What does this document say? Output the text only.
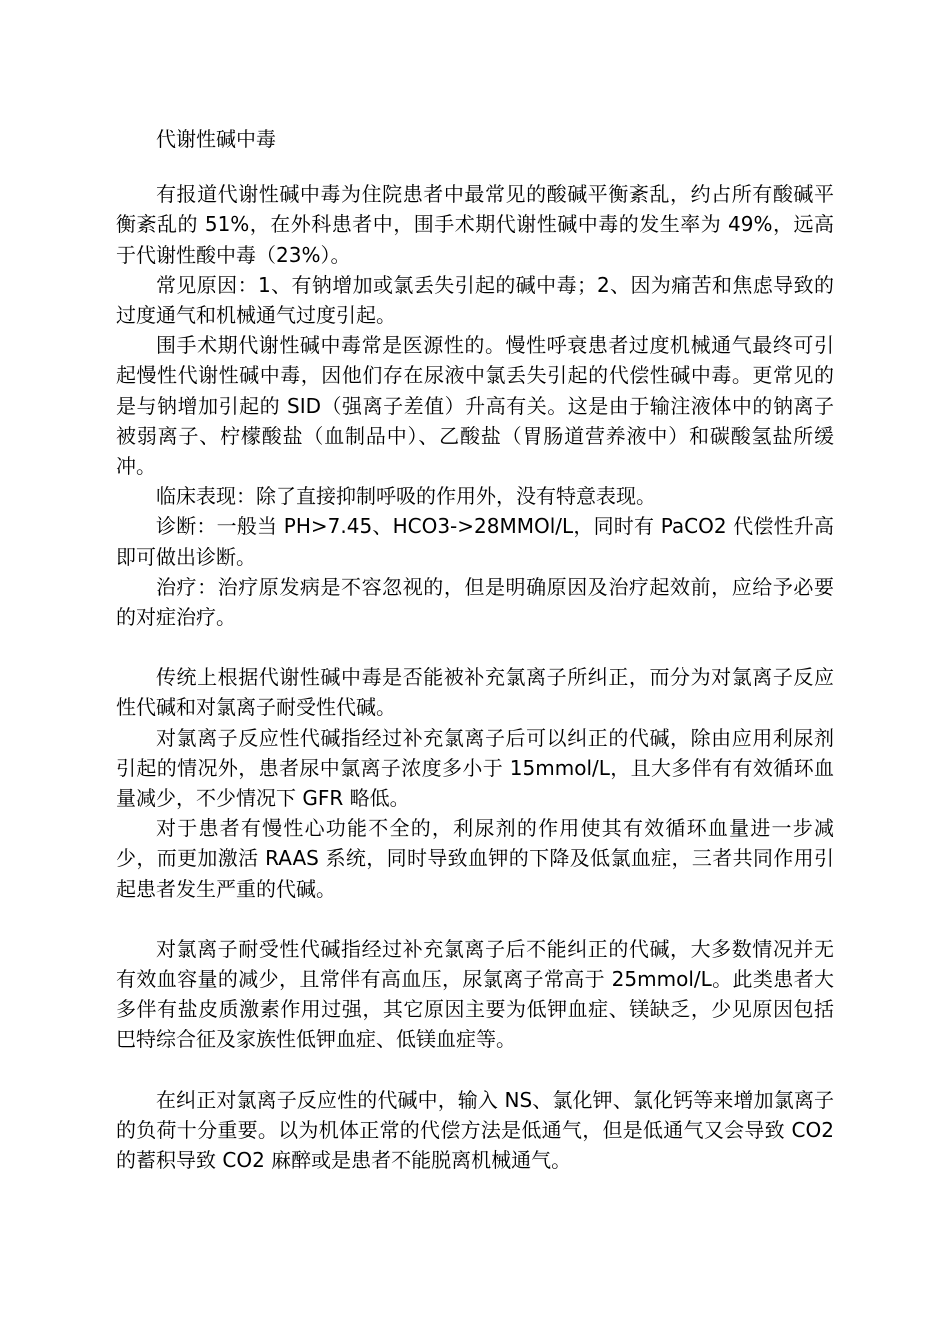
代谢性碱中毒

有报道代谢性碱中毒为住院患者中最常见的酸碱平衡紊乱，约占所有酸碱平衡紊乱的 51%，在外科患者中，围手术期代谢性碱中毒的发生率为 49%，远高于代谢性酸中毒（23%）。

常见原因：1、有钠增加或氯丢失引起的碱中毒；2、因为痛苦和焦虑导致的过度通气和机械通气过度引起。

围手术期代谢性碱中毒常是医源性的。慢性呼衰患者过度机械通气最终可引起慢性代谢性碱中毒，因他们存在尿液中氯丢失引起的代偿性碱中毒。更常见的是与钠增加引起的 SID（强离子差值）升高有关。这是由于输注液体中的钠离子被弱离子、柠檬酸盐（血制品中）、乙酸盐（胃肠道营养液中）和碳酸氢盐所缓冲。

临床表现：除了直接抑制呼吸的作用外，没有特意表现。

诊断：一般当 PH>7.45、HCO3->28MMOl/L，同时有 PaCO2 代偿性升高即可做出诊断。

治疗：治疗原发病是不容忽视的，但是明确原因及治疗起效前，应给予必要的对症治疗。

传统上根据代谢性碱中毒是否能被补充氯离子所纠正，而分为对氯离子反应性代碱和对氯离子耐受性代碱。

对氯离子反应性代碱指经过补充氯离子后可以纠正的代碱，除由应用利尿剂引起的情况外，患者尿中氯离子浓度多小于 15mmol/L，且大多伴有有效循环血量减少，不少情况下 GFR 略低。

对于患者有慢性心功能不全的，利尿剂的作用使其有效循环血量进一步减少，而更加激活 RAAS 系统，同时导致血钾的下降及低氯血症，三者共同作用引起患者发生严重的代碱。

对氯离子耐受性代碱指经过补充氯离子后不能纠正的代碱，大多数情况并无有效血容量的减少，且常伴有高血压，尿氯离子常高于 25mmol/L。此类患者大多伴有盐皮质激素作用过强，其它原因主要为低钾血症、镁缺乏，少见原因包括巴特综合征及家族性低钾血症、低镁血症等。

在纠正对氯离子反应性的代碱中，输入 NS、氯化钾、氯化钙等来增加氯离子的负荷十分重要。以为机体正常的代偿方法是低通气，但是低通气又会导致 CO2 的蓄积导致 CO2 麻醉或是患者不能脱离机械通气。
